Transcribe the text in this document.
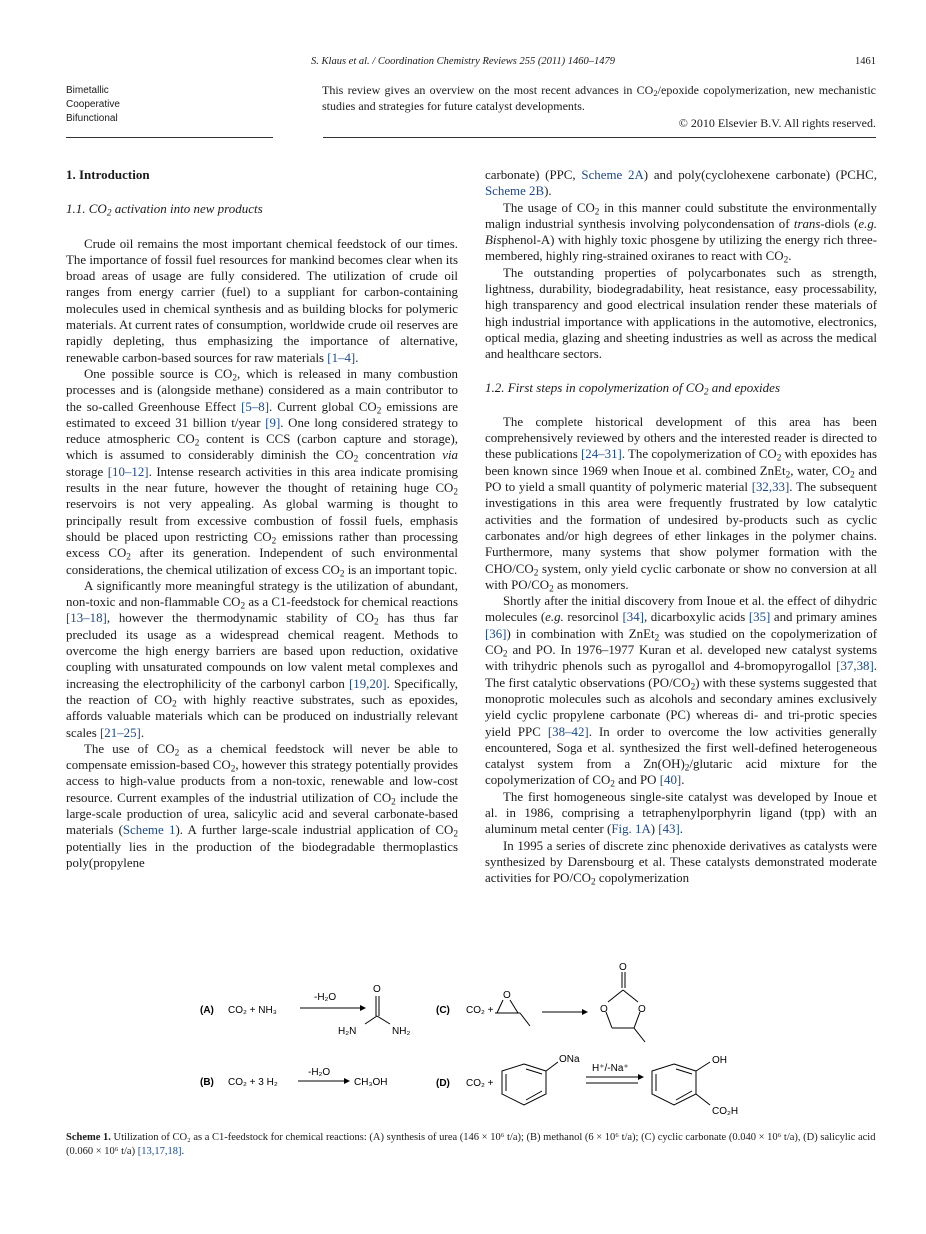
S. Klaus et al. / Coordination Chemistry Reviews 255 (2011) 1460–1479	1461
Bimetallic
Cooperative
Bifunctional
This review gives an overview on the most recent advances in $CO_2$/epoxide copolymerization, new mechanistic studies and strategies for future catalyst developments.
© 2010 Elsevier B.V. All rights reserved.
1. Introduction
1.1. $CO_2$ activation into new products

Crude oil remains the most important chemical feedstock of our times. The importance of fossil fuel resources for mankind becomes clear when its broad areas of usage are fully considered. The utilization of crude oil ranges from energy carrier (fuel) to a suppliant for carbon-containing molecules used in chemical synthesis and as building blocks for polymeric materials. At current rates of consumption, worldwide crude oil reserves are rapidly depleting, thus emphasizing the importance of alternative, renewable carbon-based sources for raw materials [1–4].

One possible source is $CO_2$, which is released in many combustion processes and is (alongside methane) considered as a main contributor to the so-called Greenhouse Effect [5–8]. Current global $CO_2$ emissions are estimated to exceed 31 billion t/year [9]. One long considered strategy to reduce atmospheric $CO_2$ content is CCS (carbon capture and storage), which is assumed to considerably diminish the $CO_2$ concentration via storage [10–12]. Intense research activities in this area indicate promising results in the near future, however the thought of retaining huge $CO_2$ reservoirs is not very appealing. As global warming is thought to principally result from excessive combustion of fossil fuels, emphasis should be placed upon restricting $CO_2$ emissions rather than processing excess $CO_2$ after its generation. Independent of such environmental considerations, the chemical utilization of excess $CO_2$ is an important topic.

A significantly more meaningful strategy is the utilization of abundant, non-toxic and non-flammable $CO_2$ as a C1-feedstock for chemical reactions [13–18], however the thermodynamic stability of $CO_2$ has thus far precluded its usage as a widespread chemical reagent. Methods to overcome the high energy barriers are based upon reduction, oxidative coupling with unsaturated compounds on low valent metal complexes and increasing the electrophilicity of the carbonyl carbon [19,20]. Specifically, the reaction of $CO_2$ with highly reactive substrates, such as epoxides, affords valuable materials which can be produced on industrially relevant scales [21–25].

The use of $CO_2$ as a chemical feedstock will never be able to compensate emission-based $CO_2$, however this strategy potentially provides access to high-value products from a non-toxic, renewable and low-cost resource. Current examples of the industrial utilization of $CO_2$ include the large-scale production of urea, salicylic acid and several carbonate-based materials (Scheme 1). A further large-scale industrial application of $CO_2$ potentially lies in the production of the biodegradable thermoplastics poly(propylene

carbonate) (PPC, Scheme 2A) and poly(cyclohexene carbonate) (PCHC, Scheme 2B).

The usage of $CO_2$ in this manner could substitute the environmentally malign industrial synthesis involving polycondensation of trans-diols (e.g. Bisphenol-A) with highly toxic phosgene by utilizing the energy rich three-membered, highly ring-strained oxiranes to react with $CO_2$.

The outstanding properties of polycarbonates such as strength, lightness, durability, biodegradability, heat resistance, easy processability, high transparency and good electrical insulation render these materials of high industrial importance with applications in the automotive, electronics, optical media, glazing and sheeting industries as well as across the medical and healthcare sectors.

1.2. First steps in copolymerization of $CO_2$ and epoxides

The complete historical development of this area has been comprehensively reviewed by others and the interested reader is directed to these publications [24–31]. The copolymerization of $CO_2$ with epoxides has been known since 1969 when Inoue et al. combined ZnEt$_2$, water, $CO_2$ and PO to yield a small quantity of polymeric material [32,33]. The subsequent investigations in this area were frequently frustrated by low catalytic activities and the formation of undesired by-products such as cyclic carbonates and/or high degrees of ether linkages in the polymer chains. Furthermore, many systems that show polymer formation with the CHO/$CO_2$ system, only yield cyclic carbonate or show no conversion at all with $PO/CO_2$ as monomers.

Shortly after the initial discovery from Inoue et al. the effect of dihydric molecules (e.g. resorcinol [34], dicarboxylic acids [35] and primary amines [36]) in combination with ZnEt$_2$ was studied on the copolymerization of $CO_2$ and PO. In 1976–1977 Kuran et al. developed new catalyst systems with trihydric phenols such as pyrogallol and 4-bromopyrogallol [37,38]. The first catalytic observations $(PO/CO_2)$ with these systems suggested that monoprotic molecules such as alcohols and secondary amines exclusively yield cyclic propylene carbonate (PC) whereas di- and tri-protic species yield PPC [38–42]. In order to overcome the low activities generally encountered, Soga et al. synthesized the first well-defined heterogeneous catalyst system from a $Zn(OH)_2$/glutaric acid mixture for the copolymerization of $CO_2$ and PO [40].

The first homogeneous single-site catalyst was developed by Inoue et al. in 1986, comprising a tetraphenylporphyrin ligand (tpp) with an aluminum metal center (Fig. 1A) [43].

In 1995 a series of discrete zinc phenoxide derivatives as catalysts were synthesized by Darensbourg et al. These catalysts demonstrated moderate activities for $PO/CO_2$ copolymerization

(A) CO₂ + NH₃
-H₂O
O
H₂N	NH₂
(B) CO₂ + 3 H₂
-H₂O
CH₃OH
(C) CO₂ +
O
O
O	O
(D) CO₂ +
ONa
H⁺/-Na⁺
OH
CO₂H
Scheme 1. Utilization of CO₂ as a C1-feedstock for chemical reactions: (A) synthesis of urea (146 × 10⁶ t/a); (B) methanol (6 × 10⁶ t/a); (C) cyclic carbonate (0.040 × 10⁶ t/a), (D) salicylic acid (0.060 × 10⁶ t/a) [13,17,18].
